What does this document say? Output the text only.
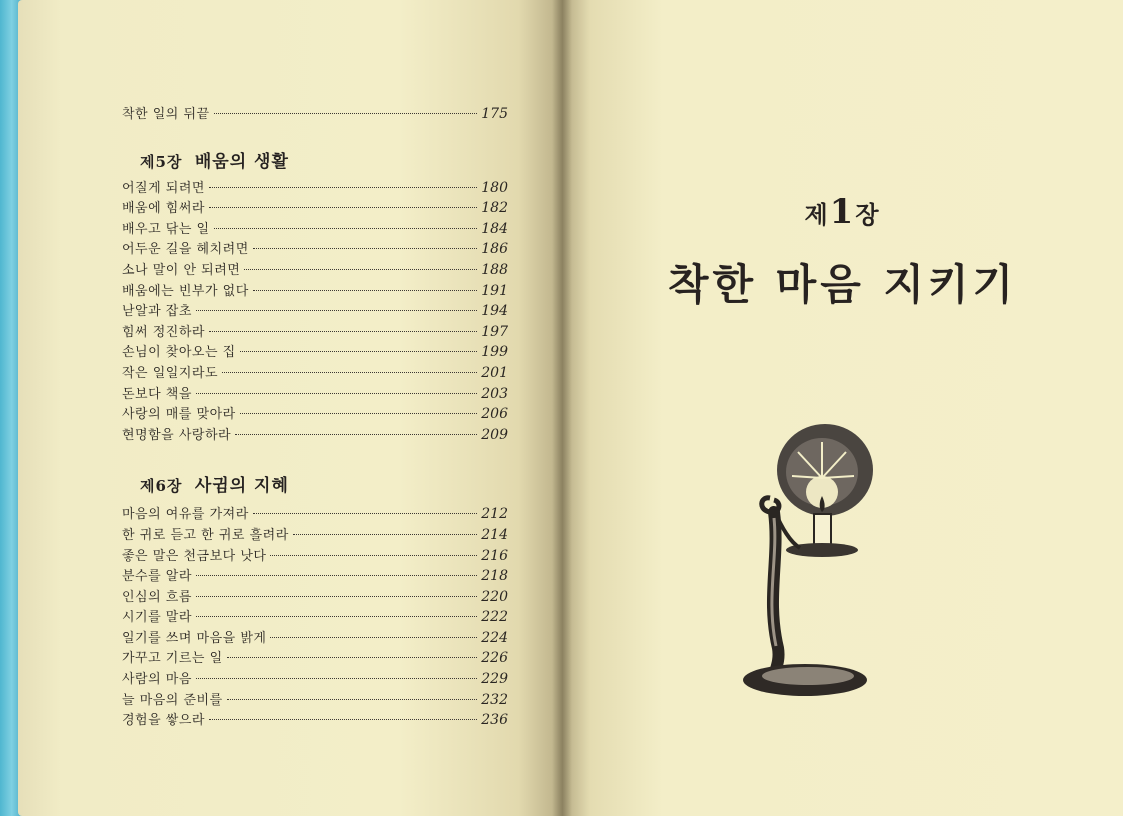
착한 일의 뒤끝	175
제5장 배움의 생활
어질게 되려면	180
배움에 힘써라	182
배우고 닦는 일	184
어두운 길을 헤치려면	186
소나 말이 안 되려면	188
배움에는 빈부가 없다	191
낟알과 잡초	194
힘써 정진하라	197
손님이 찾아오는 집	199
작은 일일지라도	201
돈보다 책을	203
사랑의 매를 맞아라	206
현명함을 사랑하라	209
제6장 사귐의 지혜
마음의 여유를 가져라	212
한 귀로 듣고 한 귀로 흘려라	214
좋은 말은 천금보다 낫다	216
분수를 알라	218
인심의 흐름	220
시기를 말라	222
일기를 쓰며 마음을 밝게	224
가꾸고 기르는 일	226
사람의 마음	229
늘 마음의 준비를	232
경험을 쌓으라	236
제1장
착한 마음 지키기
